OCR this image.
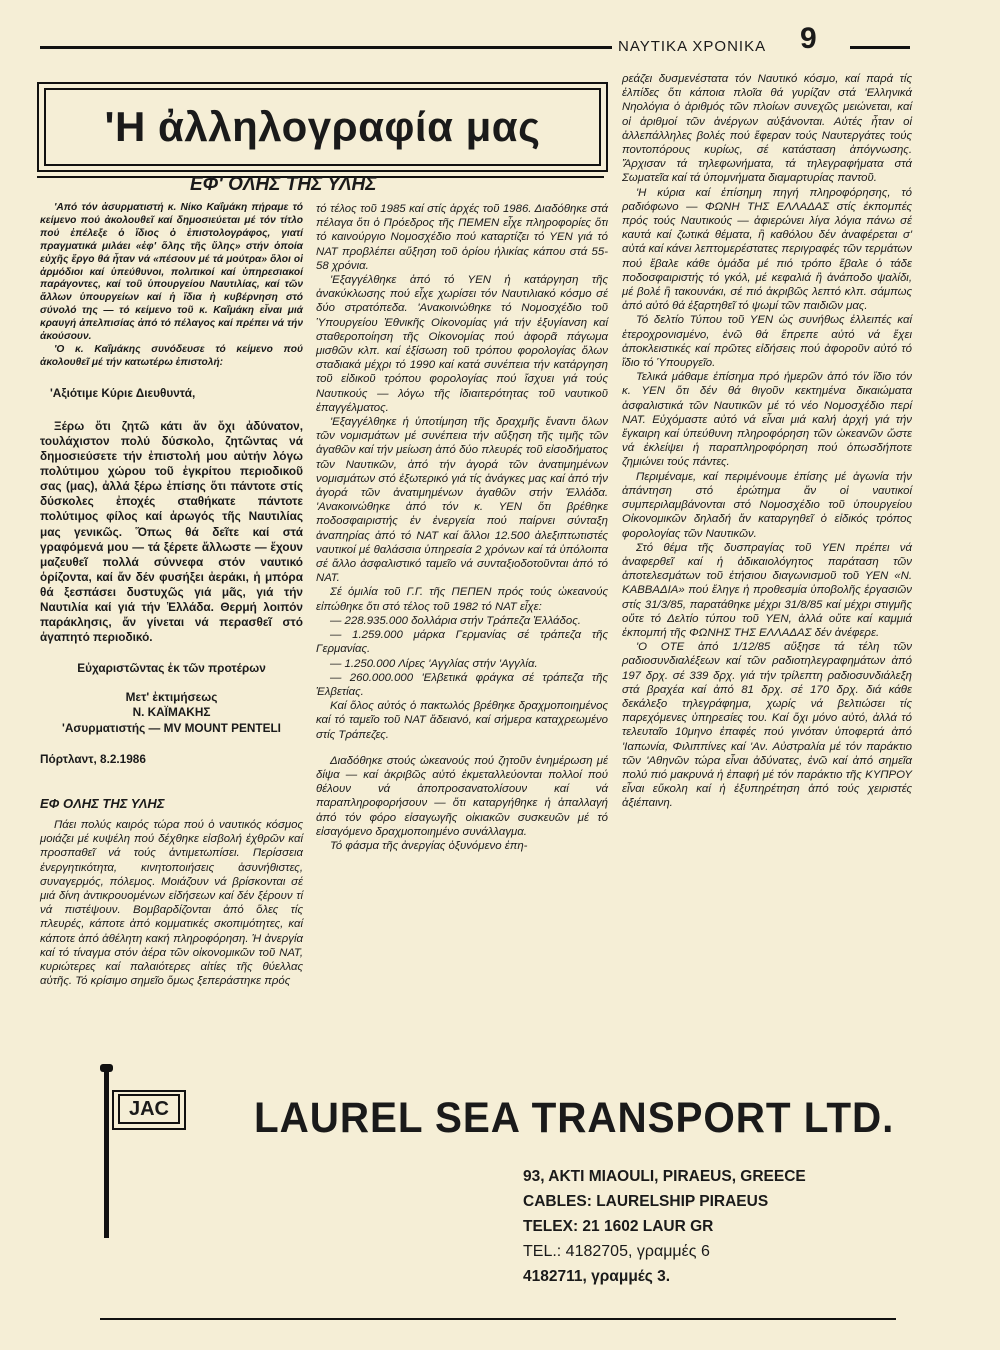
ΝΑΥΤΙΚΑ ΧΡΟΝΙΚΑ 9
'Η ἀλληλογραφία μας
ΕΦ' ΟΛΗΣ ΤΗΣ ΥΛΗΣ

'Από τόν ἀσυρματιστή κ. Νίκο Καΐμάκη πήραμε τό κείμενο πού ἀκολουθεῖ καί δημοσιεύεται μέ τόν τίτλο πού ἐπέλεξε ὁ ἴδιος ὁ ἐπιστολογράφος, γιατί πραγματικά μιλάει «ἐφ' ὅλης τῆς ὕλης» στήν ὁποία εὐχῆς ἔργο θά ἦταν νά «πέσουν μέ τά μούτρα» ὅλοι οἱ ἁρμόδιοι καί ὑπεύθυνοι, πολιτικοί καί ὑπηρεσιακοί παράγοντες, καί τοῦ ὑπουργείου Ναυτιλίας, καί τῶν ἄλλων ὑπουργείων καί ἡ ἴδια ἡ κυβέρνηση στό σύνολό της — τό κείμενο τοῦ κ. Καΐμάκη εἶναι μιά κραυγή ἀπελπισίας ἀπό τό πέλαγος καί πρέπει νά τήν ἀκούσουν.

'Ο κ. Καΐμάκης συνόδευσε τό κείμενο πού ἀκολουθεῖ μέ τήν κατωτέρω ἐπιστολή:

'Αξιότιμε Κύριε Διευθυντά,

Ξέρω ὅτι ζητῶ κάτι ἄν ὄχι ἀδύνατον, τουλάχιστον πολύ δύσκολο, ζητῶντας νά δημοσιεύσετε τήν ἐπιστολή μου αὐτήν λόγω πολύτιμου χώρου τοῦ ἐγκρίτου περιοδικοῦ σας (μας), ἀλλά ξέρω ἐπίσης ὅτι πάντοτε στίς δύσκολες ἐποχές σταθήκατε πάντοτε πολύτιμος φίλος καί ἀρωγός τῆς Ναυτιλίας μας γενικῶς. Ὅπως θά δεῖτε καί στά γραφόμενά μου — τά ξέρετε ἄλλωστε — ἔχουν μαζευθεῖ πολλά σύννεφα στόν ναυτικό ὁρίζοντα, καί ἄν δέν φυσήξει ἀεράκι, ἡ μπόρα θά ξεσπάσει δυστυχῶς γιά μᾶς, γιά τήν Ναυτιλία καί γιά τήν Ἑλλάδα. Θερμή λοιπόν παράκλησις, ἄν γίνεται νά περασθεῖ στό ἀγαπητό περιοδικό.

Εὐχαριστῶντας ἐκ τῶν προτέρων

Μετ' ἐκτιμήσεως

Ν. ΚΑΪΜΑΚΗΣ

'Ασυρματιστής — MV MOUNT PENTELI

Πόρτλαντ, 8.2.1986

ΕΦ ΟΛΗΣ ΤΗΣ ΥΛΗΣ

Πάει πολύς καιρός τώρα πού ὁ ναυτικός κόσμος μοιάζει μέ κυψέλη πού δέχθηκε εἰσβολή ἐχθρῶν καί προσπαθεῖ νά τούς ἀντιμετωπίσει. Περίσσεια ἐνεργητικότητα, κινητοποιήσεις ἀσυνήθιστες, συναγερμός, πόλεμος. Μοιάζουν νά βρίσκονται σέ μιά δίνη ἀντικρουομένων εἰδήσεων καί δέν ξέρουν τί νά πιστέψουν. Βομβαρδίζονται ἀπό ὅλες τίς πλευρές, κάποτε ἀπό κομματικές σκοπιμότητες, καί κάποτε ἀπό ἀθέλητη κακή πληροφόρηση. Ἡ ἀνεργία καί τό τίναγμα στόν ἀέρα τῶν οἰκονομικῶν τοῦ ΝΑΤ, κυριώτερες καί παλαιότερες αἰτίες τῆς θύελλας αὐτῆς. Τό κρίσιμο σημεῖο ὅμως ξεπεράστηκε πρός

τό τέλος τοῦ 1985 καί στίς ἀρχές τοῦ 1986. Διαδόθηκε στά πέλαγα ὅτι ὁ Πρόεδρος τῆς ΠΕΜΕΝ εἶχε πληροφορίες ὅτι τό καινούργιο Νομοσχέδιο πού καταρτίζει τό ΥΕΝ γιά τό ΝΑΤ προβλέπει αὔξηση τοῦ ὁρίου ἡλικίας κάπου στά 55-58 χρόνια.

'Εξαγγέλθηκε ἀπό τό ΥΕΝ ἡ κατάργηση τῆς ἀνακύκλωσης πού εἶχε χωρίσει τόν Ναυτιλιακό κόσμο σέ δύο στρατόπεδα. 'Ανακοινώθηκε τό Νομοσχέδιο τοῦ Ὑπουργείου Ἐθνικῆς Οἰκονομίας γιά τήν ἐξυγίανση καί σταθεροποίηση τῆς Οἰκονομίας πού ἀφορᾶ πάγωμα μισθῶν κλπ. καί ἐξίσωση τοῦ τρόπου φορολογίας ὅλων σταδιακά μέχρι τό 1990 καί κατά συνέπεια τήν κατάργηση τοῦ εἰδικοῦ τρόπου φορολογίας πού ἴσχυει γιά τούς Ναυτικούς — λόγω τῆς ἰδιαιτερότητας τοῦ ναυτικοῦ ἐπαγγέλματος.

'Εξαγγέλθηκε ἡ ὑποτίμηση τῆς δραχμῆς ἔναντι ὅλων τῶν νομισμάτων μέ συνέπεια τήν αὔξηση τῆς τιμῆς τῶν ἀγαθῶν καί τήν μείωση ἀπό δύο πλευρές τοῦ εἰσοδήματος τῶν Ναυτικῶν, ἀπό τήν ἀγορά τῶν ἀνατιμημένων νομισμάτων στό ἐξωτερικό γιά τίς ἀνάγκες μας καί ἀπό τήν ἀγορά τῶν ἀνατιμημένων ἀγαθῶν στήν Ἑλλάδα. 'Ανακοινώθηκε ἀπό τόν κ. ΥΕΝ ὅτι βρέθηκε ποδοσφαιριστής ἐν ἐνεργεία πού παίρνει σύνταξη ἀναπηρίας ἀπό τό ΝΑΤ καί ἄλλοι 12.500 ἀλεξιπτωτιστές ναυτικοί μέ θαλάσσια ὑπηρεσία 2 χρόνων καί τά ὑπόλοιπα σέ ἄλλο ἀσφαλιστικό ταμεῖο νά συνταξιοδοτοῦνται ἀπό τό ΝΑΤ.

Σέ ὁμιλία τοῦ Γ.Γ. τῆς ΠΕΠΕΝ πρός τούς ὠκεανούς εἰπώθηκε ὅτι στό τέλος τοῦ 1982 τό ΝΑΤ εἶχε:

— 228.935.000 δολλάρια στήν Τράπεζα Ἑλλάδος.

— 1.259.000 μάρκα Γερμανίας σέ τράπεζα τῆς Γερμανίας.

— 1.250.000 Λίρες 'Αγγλίας στήν 'Αγγλία.

— 260.000.000 'Ελβετικά φράγκα σέ τράπεζα τῆς Ἑλβετίας.

Καί ὅλος αὐτός ὁ πακτωλός βρέθηκε δραχμοποιημένος καί τό ταμεῖο τοῦ ΝΑΤ ἄδειανό, καί σήμερα καταχρεωμένο στίς Τράπεζες.

Διαδόθηκε στούς ὠκεανούς πού ζητοῦν ἐνημέρωση μέ δίψα — καί ἀκριβῶς αὐτό ἐκμεταλλεύονται πολλοί πού θέλουν νά ἀποπροσανατολίσουν καί νά παραπληροφορήσουν — ὅτι καταργήθηκε ἡ ἀπαλλαγή ἀπό τόν φόρο εἰσαγωγῆς οἰκιακῶν συσκευῶν μέ τό εἰσαγόμενο δραχμοποιημένο συνάλλαγμα.

Τό φάσμα τῆς ἀνεργίας ὀξυνόμενο ἐπη-

ρεάζει δυσμενέστατα τόν Ναυτικό κόσμο, καί παρά τίς ἐλπίδες ὅτι κάποια πλοῖα θά γυρίζαν στά 'Ελληνικά Νηολόγια ὁ ἀριθμός τῶν πλοίων συνεχῶς μειώνεται, καί οἱ ἀριθμοί τῶν ἀνέργων αὐξάνονται. Αὐτές ἦταν οἱ ἀλλεπάλληλες βολές πού ἔφεραν τούς Ναυτεργάτες τούς ποντοπόρους κυρίως, σέ κατάσταση ἀπόγνωσης. Ἄρχισαν τά τηλεφωνήματα, τά τηλεγραφήματα στά Σωματεῖα καί τά ὑπομνήματα διαμαρτυρίας παντοῦ.

'Η κύρια καί ἐπίσημη πηγή πληροφόρησης, τό ραδιόφωνο — ΦΩΝΗ ΤΗΣ ΕΛΛΑΔΑΣ στίς ἐκπομπές πρός τούς Ναυτικούς — ἀφιερώνει λίγα λόγια πάνω σέ καυτά καί ζωτικά θέματα, ἢ καθόλου δέν ἀναφέρεται σ' αὐτά καί κάνει λεπτομερέστατες περιγραφές τῶν τερμάτων πού ἔβαλε κάθε ὁμάδα μέ πιό τρόπο ἔβαλε ὁ τάδε ποδοσφαιριστής τό γκόλ, μέ κεφαλιά ἢ ἀνάποδο ψαλίδι, μέ βολέ ἢ τακουνάκι, σέ πιό ἀκριβῶς λεπτό κλπ. σάμπως ἀπό αὐτό θά ἐξαρτηθεῖ τό ψωμί τῶν παιδιῶν μας.

Τό δελτίο Τύπου τοῦ ΥΕΝ ὡς συνήθως ἐλλειπές καί ἑτεροχρονισμένο, ἐνῶ θά ἔπρεπε αὐτό νά ἔχει ἀποκλειστικές καί πρῶτες εἰδήσεις πού ἀφοροῦν αὐτό τό ἴδιο τό Ὑπουργεῖο.

Τελικά μάθαμε ἐπίσημα πρό ἡμερῶν ἀπό τόν ἴδιο τόν κ. ΥΕΝ ὅτι δέν θά θιγοῦν κεκτημένα δικαιώματα ἀσφαλιστικά τῶν Ναυτικῶν μέ τό νέο Νομοσχέδιο περί ΝΑΤ. Εὐχόμαστε αὐτό νά εἶναι μιά καλή ἀρχή γιά τήν ἔγκαιρη καί ὑπεύθυνη πληροφόρηση τῶν ὠκεανῶν ὥστε νά ἐκλείψει ἡ παραπληροφόρηση πού ὁπωσδήποτε ζημιώνει τούς πάντες.

Περιμέναμε, καί περιμένουμε ἐπίσης μέ ἀγωνία τήν ἀπάντηση στό ἐρώτημα ἄν οἱ ναυτικοί συμπεριλαμβάνονται στό Νομοσχέδιο τοῦ ὑπουργείου Οἰκονομικῶν δηλαδή ἄν καταργηθεῖ ὁ εἰδικός τρόπος φορολογίας τῶν Ναυτικῶν.

Στό θέμα τῆς δυσπραγίας τοῦ ΥΕΝ πρέπει νά ἀναφερθεῖ καί ἡ ἀδικαιολόγητος παράταση τῶν ἀποτελεσμάτων τοῦ ἐτήσιου διαγωνισμοῦ τοῦ ΥΕΝ «Ν. ΚΑΒΒΑΔΙΑ» πού ἔληγε ἡ προθεσμία ὑποβολῆς ἐργασιῶν στίς 31/3/85, παρατάθηκε μέχρι 31/8/85 καί μέχρι στιγμῆς οὔτε τό Δελτίο τύπου τοῦ ΥΕΝ, ἀλλά οὔτε καί καμμιά ἐκπομπή τῆς ΦΩΝΗΣ ΤΗΣ ΕΛΛΑΔΑΣ δέν ἀνέφερε.

'Ο ΟΤΕ ἀπό 1/12/85 αὔξησε τά τέλη τῶν ραδιοσυνδιαλέξεων καί τῶν ραδιοτηλεγραφημάτων ἀπό 197 δρχ. σέ 339 δρχ. γιά τήν τρίλεπτη ραδιοσυνδιάλεξη στά βραχέα καί ἀπό 81 δρχ. σέ 170 δρχ. διά κάθε δεκάλεξο τηλεγράφημα, χωρίς νά βελτιώσει τίς παρεχόμενες ὑπηρεσίες του. Καί ὄχι μόνο αὐτό, ἀλλά τό τελευταῖο 10μηνο ἐπαφές πού γινόταν ὑποφερτά ἀπό 'Ιαπωνία, Φιλιππίνες καί 'Αν. Αὐστραλία μέ τόν παράκτιο τῶν 'Αθηνῶν τώρα εἶναι ἀδύνατες, ἐνῶ καί ἀπό σημεῖα πολύ πιό μακρυνά ἡ ἐπαφή μέ τόν παράκτιο τῆς ΚΥΠΡΟΥ εἶναι εὔκολη καί ἡ ἐξυπηρέτηση ἀπό τούς χειριστές ἀξιέπαινη.

JAC LAUREL SEA TRANSPORT LTD.
93, AKTI MIAOULI, PIRAEUS, GREECE
CABLES: LAURELSHIP PIRAEUS
TELEX: 21 1602 LAUR GR
TEL.: 4182705, γραμμές 6
4182711, γραμμές 3.
